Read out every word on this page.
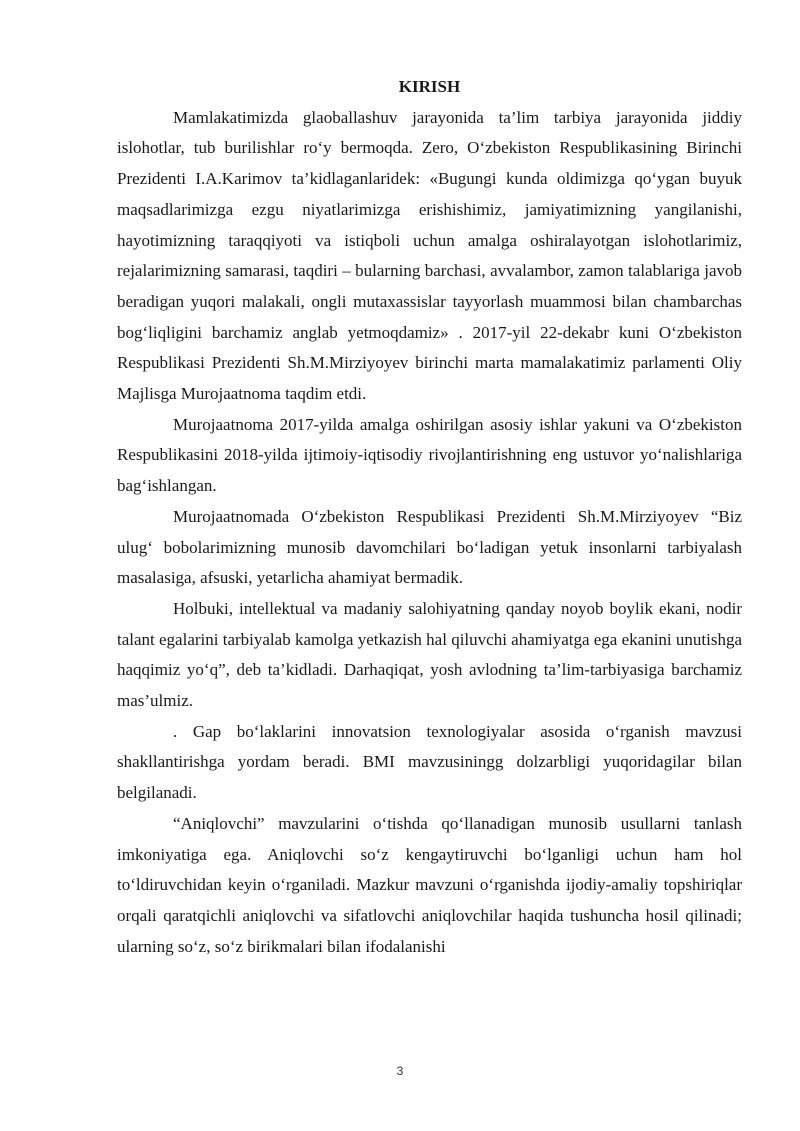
KIRISH

Mamlakatimizda glaoballashuv jarayonida ta’lim tarbiya jarayonida jiddiy islohotlar, tub burilishlar ro‘y bermoqda. Zero, O‘zbekiston Respublikasining Birinchi Prezidenti I.A.Karimov ta’kidlaganlaridek: «Bugungi kunda oldimizga qo‘ygan buyuk maqsadlarimizga ezgu niyatlarimizga erishishimiz, jamiyatimizning yangilanishi, hayotimizning taraqqiyoti va istiqboli uchun amalga oshiralayotgan islohotlarimiz, rejalarimizning samarasi, taqdiri – bularning barchasi, avvalambor, zamon talablariga javob beradigan yuqori malakali, ongli mutaxassislar tayyorlash muammosi bilan chambarchas bog‘liqligini barchamiz anglab yetmoqdamiz» . 2017-yil 22-dekabr kuni O‘zbekiston Respublikasi Prezidenti Sh.M.Mirziyoyev birinchi marta mamalakatimiz parlamenti Oliy Majlisga Murojaatnoma taqdim etdi.

Murojaatnoma 2017-yilda amalga oshirilgan asosiy ishlar yakuni va O‘zbekiston Respublikasini 2018-yilda ijtimoiy-iqtisodiy rivojlantirishning eng ustuvor yo‘nalishlariga bag‘ishlangan.

Murojaatnomada O‘zbekiston Respublikasi Prezidenti Sh.M.Mirziyoyev “Biz ulug‘ bobolarimizning munosib davomchilari bo‘ladigan yetuk insonlarni tarbiyalash masalasiga, afsuski, yetarlicha ahamiyat bermadik.

Holbuki, intellektual va madaniy salohiyatning qanday noyob boylik ekani, nodir talant egalarini tarbiyalab kamolga yetkazish hal qiluvchi ahamiyatga ega ekanini unutishga haqqimiz yo‘q”, deb ta’kidladi. Darhaqiqat, yosh avlodning ta’lim-tarbiyasiga barchamiz mas’ulmiz.

. Gap bo‘laklarini innovatsion texnologiyalar asosida o‘rganish mavzusi shakllantirishga yordam beradi. BMI mavzusiningg dolzarbligi yuqoridagilar bilan belgilanadi.

“Aniqlovchi” mavzularini o‘tishda qo‘llanadigan munosib usullarni tanlash imkoniyatiga ega. Aniqlovchi so‘z kengaytiruvchi bo‘lganligi uchun ham hol to‘ldiruvchidan keyin o‘rganiladi. Mazkur mavzuni o‘rganishda ijodiy-amaliy topshiriqlar orqali qaratqichli aniqlovchi va sifatlovchi aniqlovchilar haqida tushuncha hosil qilinadi; ularning so‘z, so‘z birikmalari bilan ifodalanishi

3
